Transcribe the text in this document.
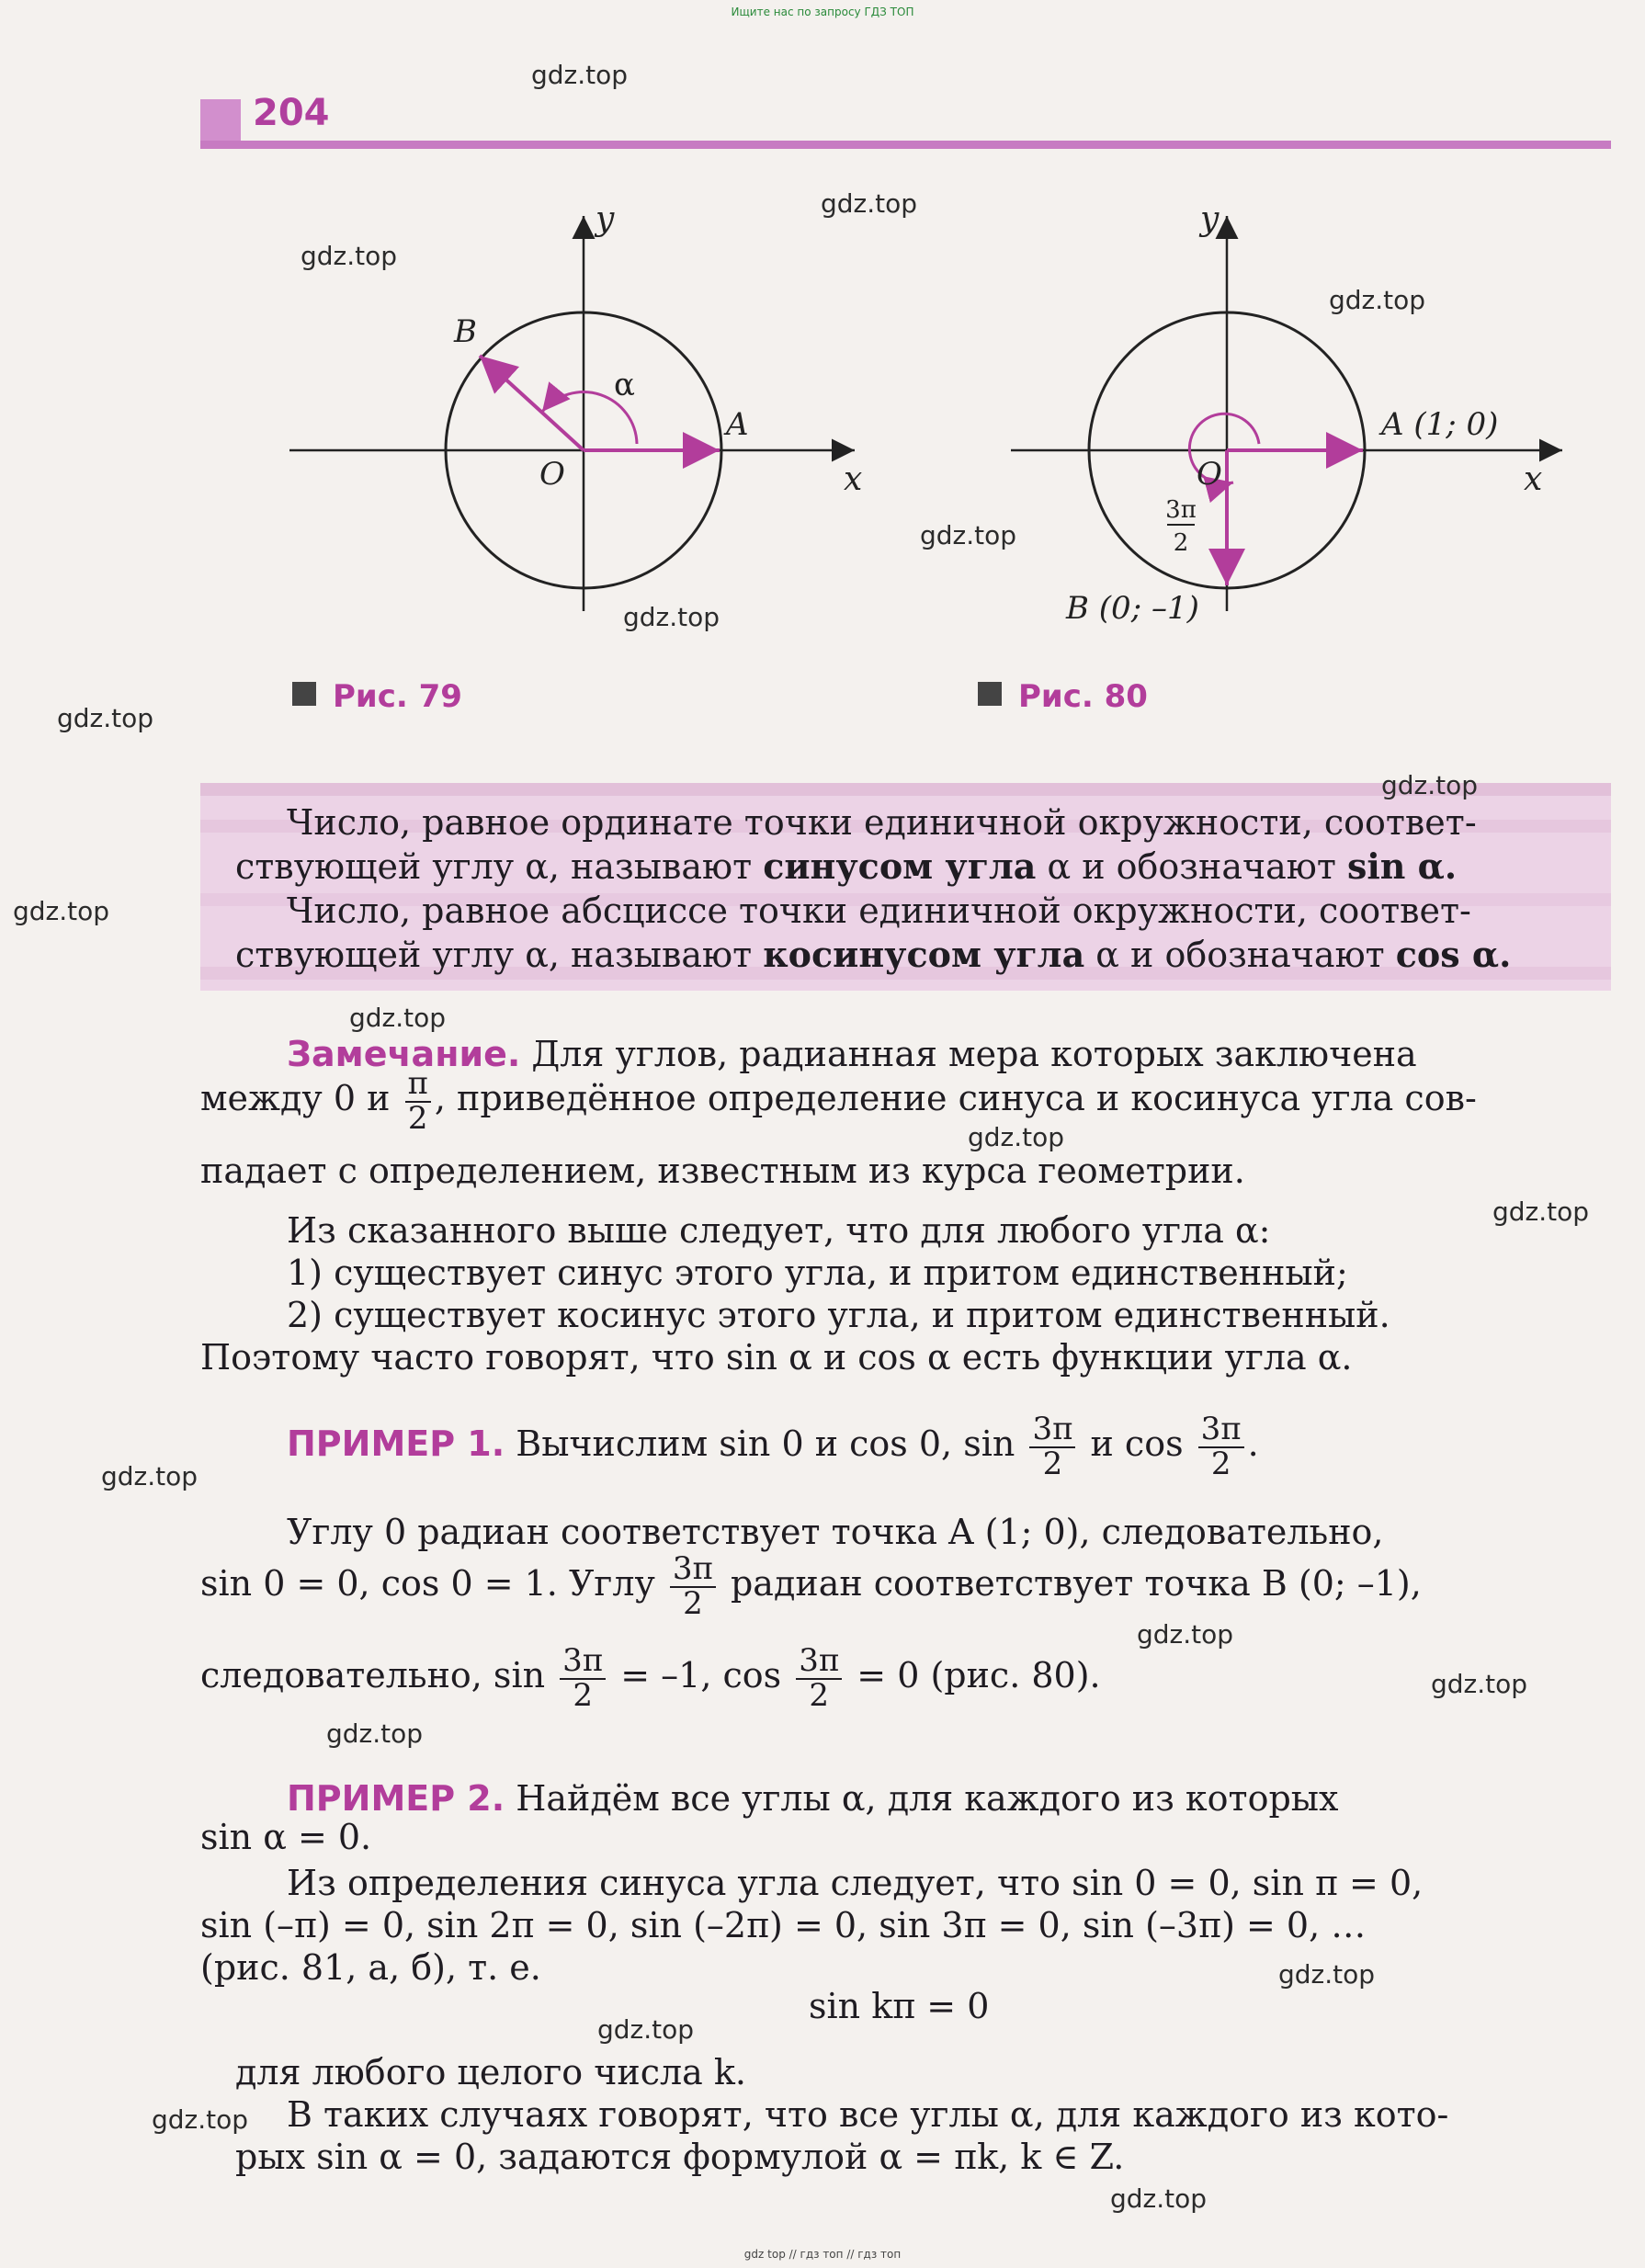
Ищите нас по запросу ГДЗ ТОП
204
y
x
O
A
B
α
y
x
O
A (1; 0)
B (0; –1)
3π
2
Рис. 79	Рис. 80
Число, равное ординате точки единичной окружности, соответ-
ствующей углу α, называют синусом угла α и обозначают sin α.
Число, равное абсциссе точки единичной окружности, соответ-
ствующей углу α, называют косинусом угла α и обозначают cos α.
Замечание. Для углов, радианная мера которых заключена
между 0 и $\frac{\pi}{2}$ , приведённое определение синуса и косинуса угла сов-
падает с определением, известным из курса геометрии.
Из сказанного выше следует, что для любого угла α:
1) существует синус этого угла, и притом единственный;
2) существует косинус этого угла, и притом единственный.
Поэтому часто говорят, что sin α и cos α есть функции угла α.
ПРИМЕР 1. Вычислим sin 0 и cos 0, $\sin \frac{3\pi}{2}$ и $\cos \frac{3\pi}{2}$ .
Углу 0 радиан соответствует точка A (1; 0), следовательно,
sin 0 = 0, cos 0 = 1. Углу $\frac{3\pi}{2}$ радиан соответствует точка B (0; –1),
следовательно, $\sin \frac{3\pi}{2} = -1$, $\cos \frac{3\pi}{2} = 0$ (рис. 80).
ПРИМЕР 2. Найдём все углы α, для каждого из которых
sin α = 0.
Из определения синуса угла следует, что sin 0 = 0, sin π = 0,
sin (–π) = 0, sin 2π = 0, sin (–2π) = 0, sin 3π = 0, sin (–3π) = 0, …
(рис. 81, а, б), т. е.
sin kπ = 0
для любого целого числа k.
В таких случаях говорят, что все углы α, для каждого из кото-
рых sin α = 0, задаются формулой α = πk, k ∈ Z.
gdz.top
gdz.top
gdz.top
gdz.top
gdz.top
gdz.top
gdz.top
gdz.top
gdz.top
gdz.top
gdz.top
gdz.top
gdz.top
gdz.top
gdz.top
gdz.top
gdz.top
gdz.top
gdz.top
gdz.top
gdz top // гдз топ // гдз топ
